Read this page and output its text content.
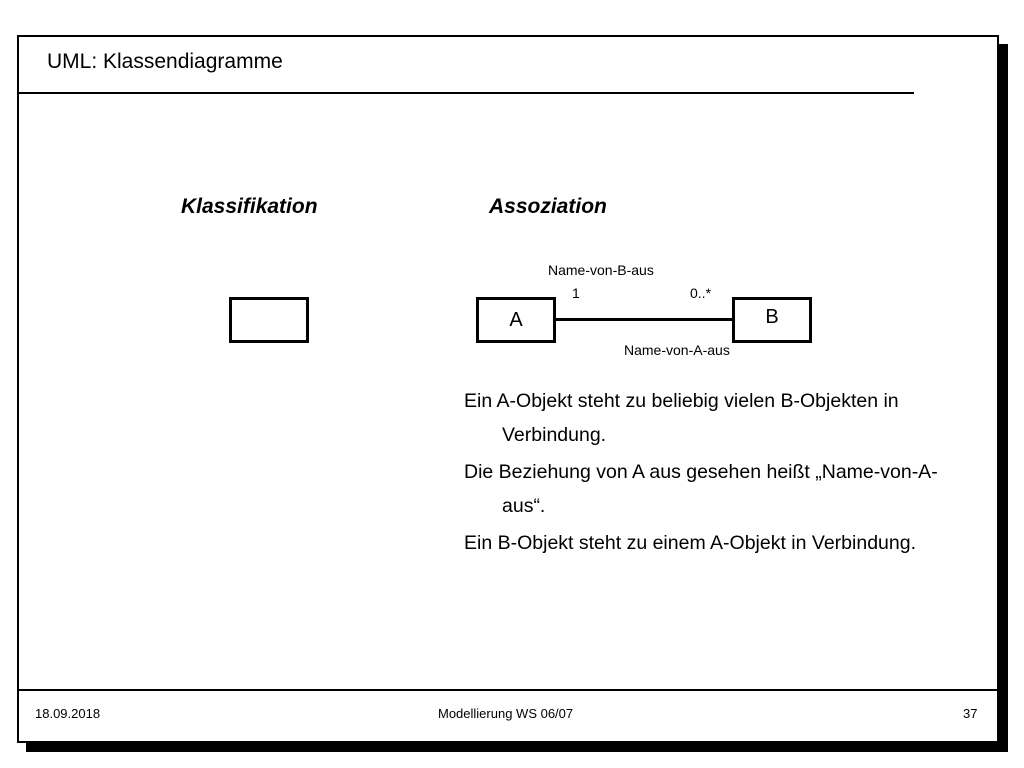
UML: Klassendiagramme
Klassifikation	Assoziation
Name-von-B-aus
1	0..*
A	B
Name-von-A-aus

Ein A-Objekt steht zu beliebig vielen B-Objekten in Verbindung.

Die Beziehung von A aus gesehen heißt „Name-von-A-aus“.

Ein B-Objekt steht zu einem A-Objekt in Verbindung.

18.09.2018	Modellierung WS 06/07	37
